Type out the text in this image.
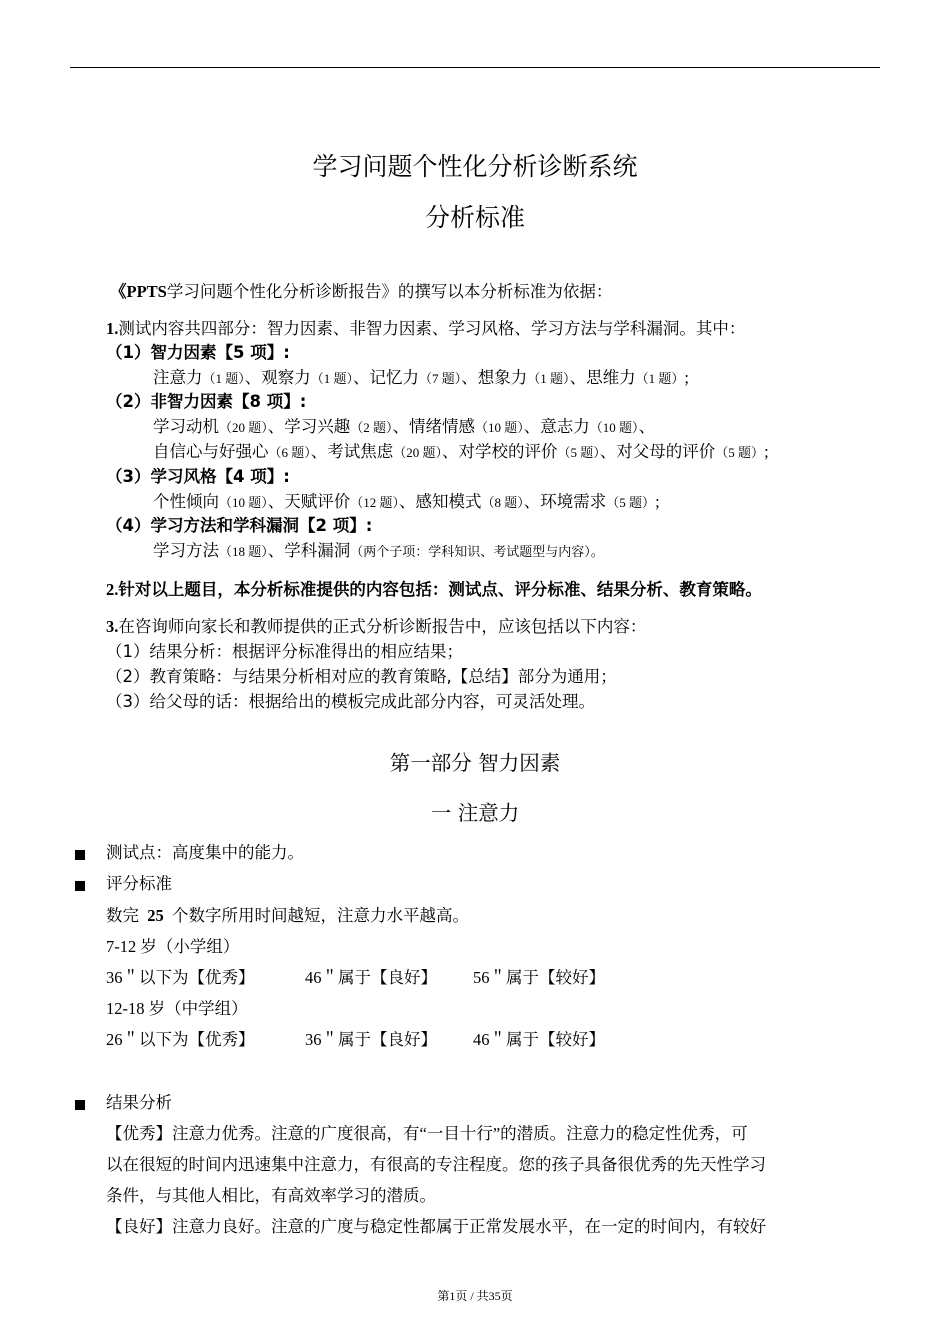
学习问题个性化分析诊断系统
分析标准
《PPTS学习问题个性化分析诊断报告》的撰写以本分析标准为依据：
1.测试内容共四部分：智力因素、非智力因素、学习风格、学习方法与学科漏洞。其中：
（1）智力因素【5 项】:
注意力（1 题）、观察力（1 题）、记忆力（7 题）、想象力（1 题）、思维力（1 题）;
（2）非智力因素【8 项】:
学习动机（20 题）、学习兴趣（2 题）、情绪情感（10 题）、意志力（10 题）、
自信心与好强心（6 题）、考试焦虑（20 题）、对学校的评价（5 题）、对父母的评价（5 题）;
（3）学习风格【4 项】:
个性倾向（10 题）、天赋评价（12 题）、感知模式（8 题）、环境需求（5 题）;
（4）学习方法和学科漏洞【2 项】:
学习方法（18 题）、学科漏洞（两个子项：学科知识、考试题型与内容）。
2.针对以上题目，本分析标准提供的内容包括：测试点、评分标准、结果分析、教育策略。
3.在咨询师向家长和教师提供的正式分析诊断报告中，应该包括以下内容：
（1）结果分析：根据评分标准得出的相应结果；
（2）教育策略：与结果分析相对应的教育策略,【总结】部分为通用；
（3）给父母的话：根据给出的模板完成此部分内容，可灵活处理。
第一部分 智力因素
一 注意力
测试点：高度集中的能力。
评分标准
数完 25 个数字所用时间越短，注意力水平越高。
7-12 岁（小学组）
36＂以下为【优秀】	46＂属于【良好】 56＂属于【较好】
12-18 岁（中学组）
26＂以下为【优秀】	36＂属于【良好】 46＂属于【较好】
结果分析
【优秀】注意力优秀。注意的广度很高，有“一目十行”的潜质。注意力的稳定性优秀，可
以在很短的时间内迅速集中注意力，有很高的专注程度。您的孩子具备很优秀的先天性学习
条件，与其他人相比，有高效率学习的潜质。
【良好】注意力良好。注意的广度与稳定性都属于正常发展水平，在一定的时间内，有较好
第1页 / 共35页
